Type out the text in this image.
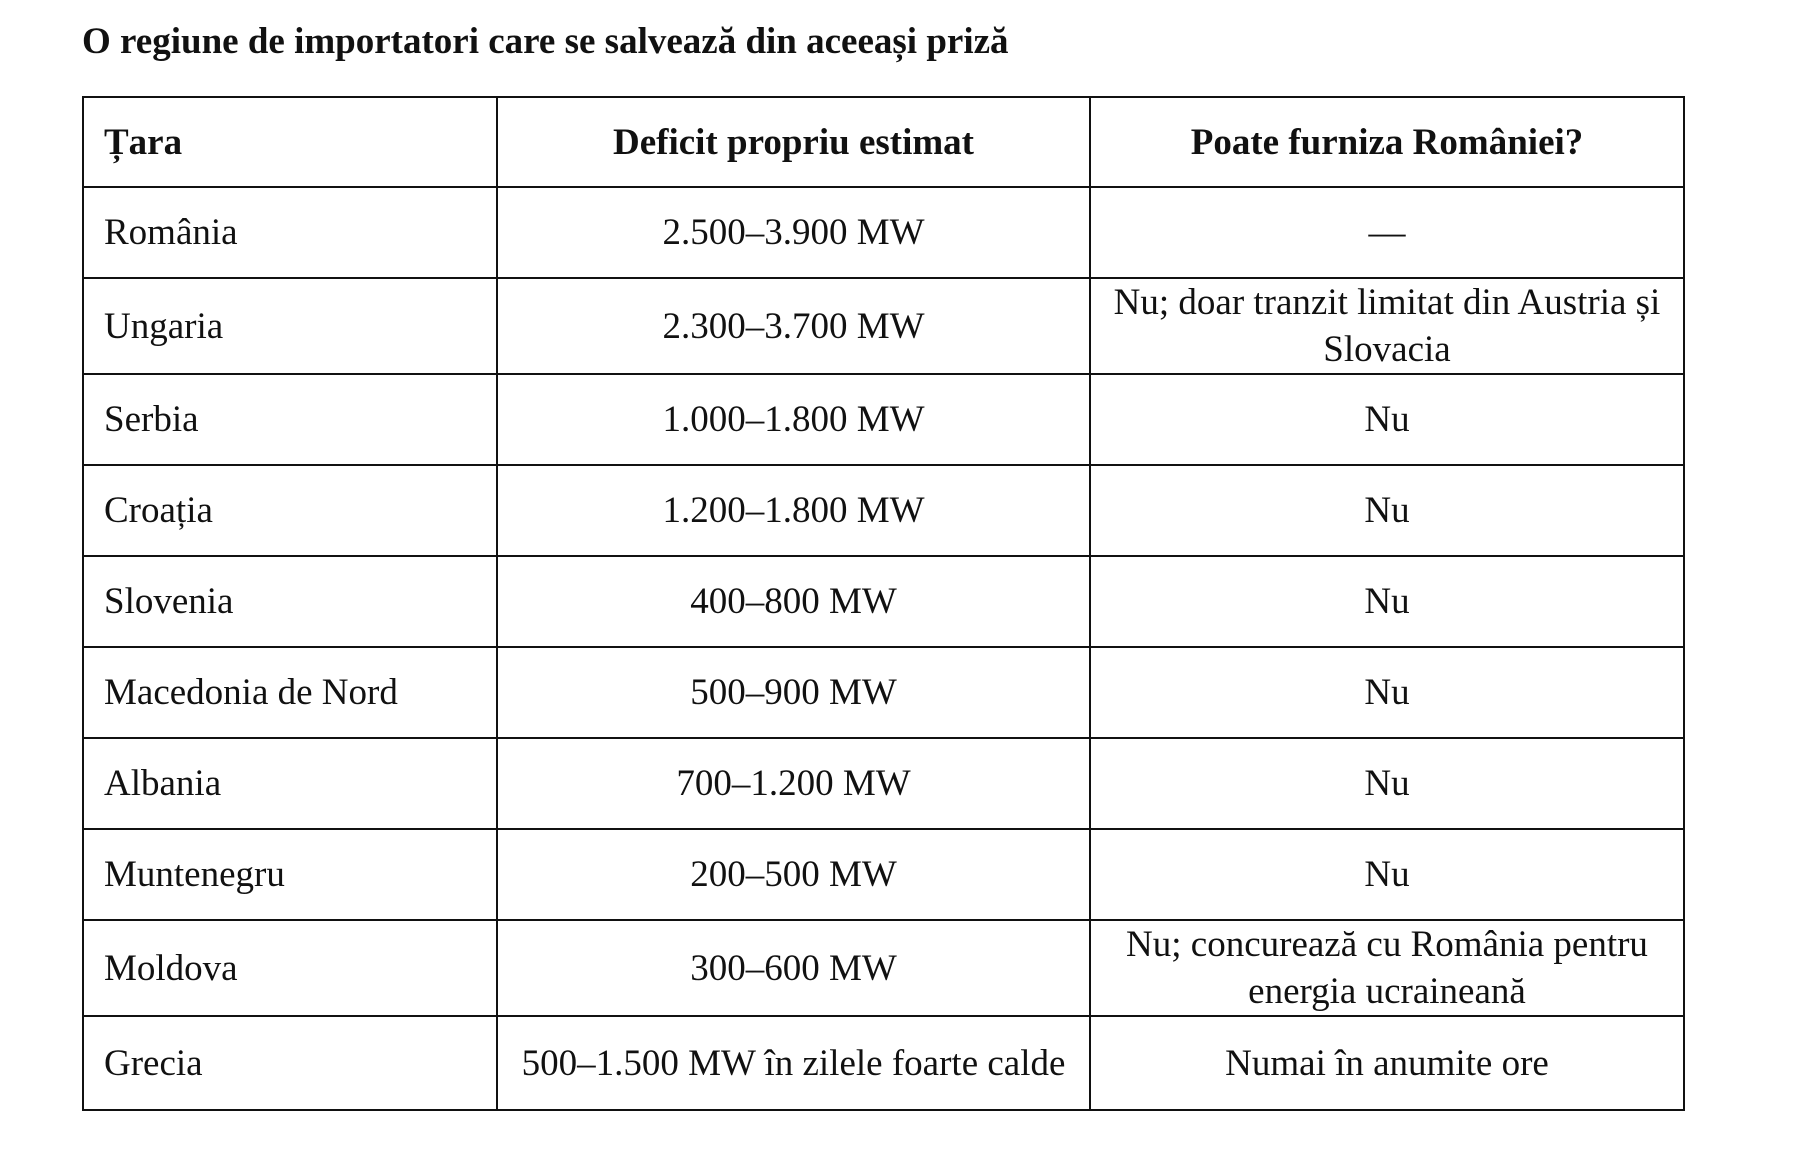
O regiune de importatori care se salvează din aceeași priză
Țara	Deficit propriu estimat	Poate furniza României?
România	2.500–3.900 MW	—
Ungaria	2.300–3.700 MW	Nu; doar tranzit limitat din Austria și Slovacia
Serbia	1.000–1.800 MW	Nu
Croația	1.200–1.800 MW	Nu
Slovenia	400–800 MW	Nu
Macedonia de Nord	500–900 MW	Nu
Albania	700–1.200 MW	Nu
Muntenegru	200–500 MW	Nu
Moldova	300–600 MW	Nu; concurează cu România pentru energia ucraineană
Grecia	500–1.500 MW în zilele foarte calde	Numai în anumite ore
